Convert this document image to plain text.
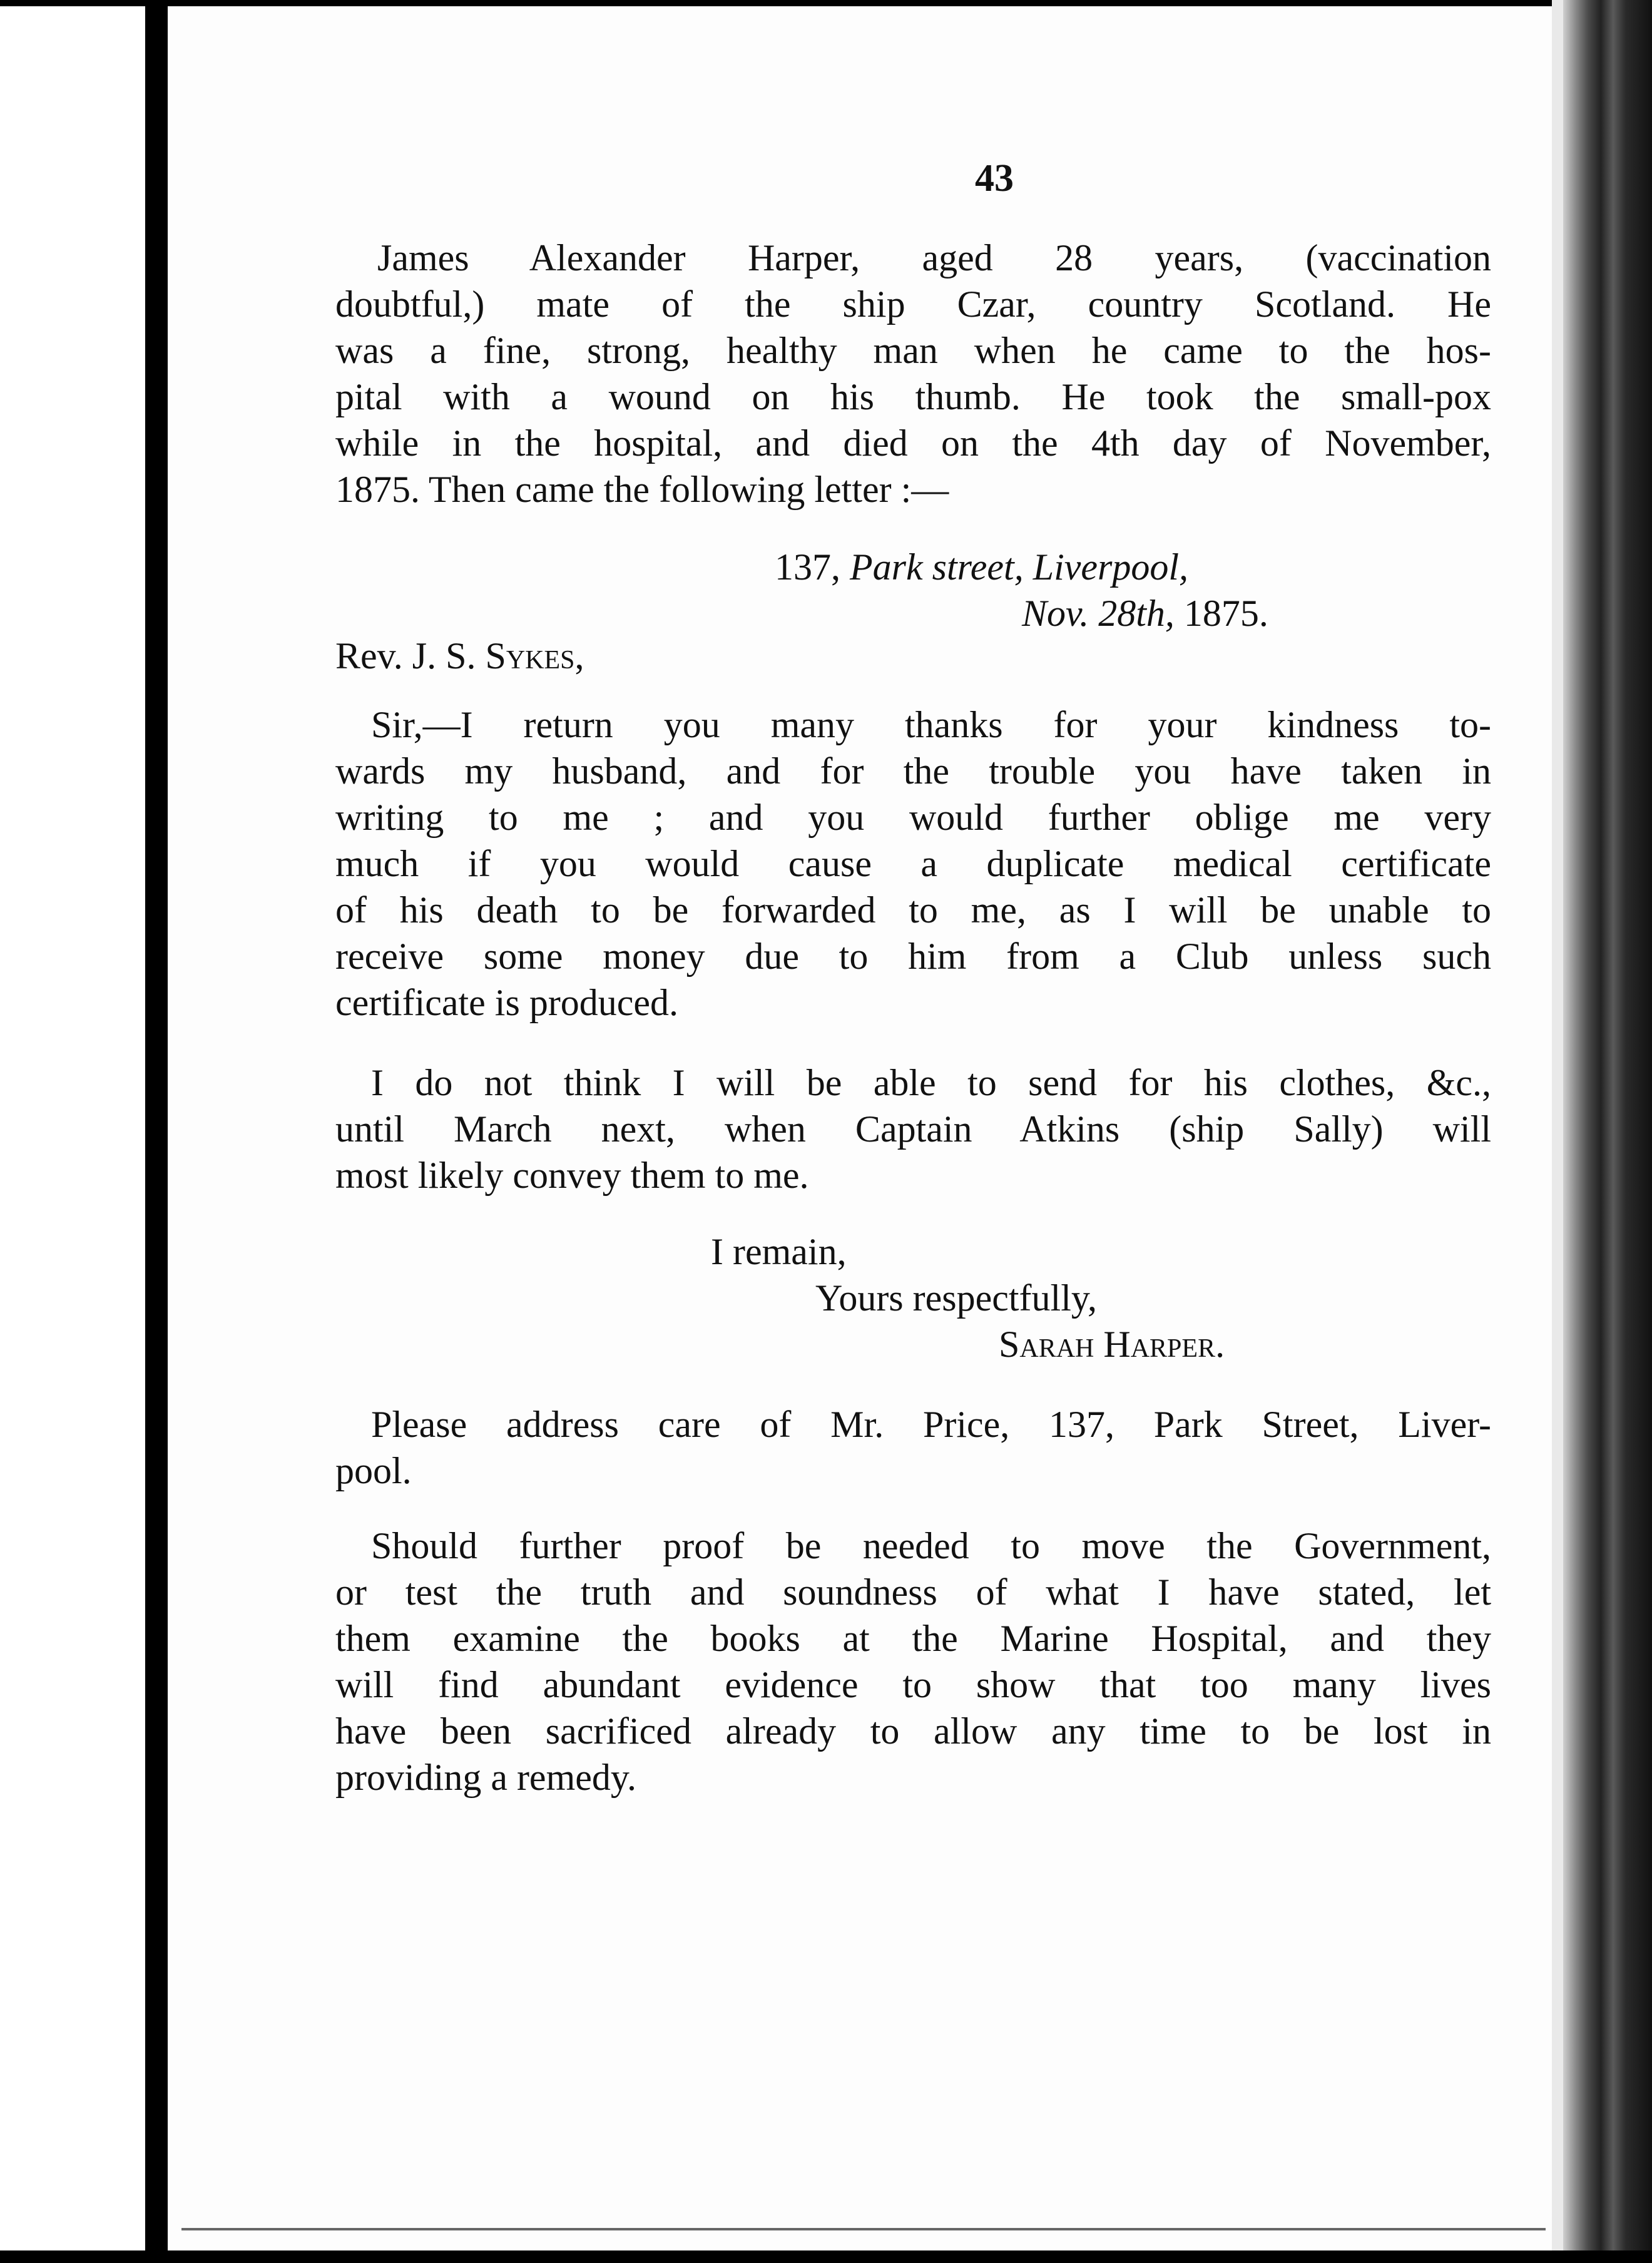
43
James Alexander Harper, aged 28 years, (vaccination
doubtful,) mate of the ship Czar, country Scotland. He
was a fine, strong, healthy man when he came to the hos-
pital with a wound on his thumb. He took the small-pox
while in the hospital, and died on the 4th day of November,
1875. Then came the following letter :—
137, Park street, Liverpool,
Nov. 28th, 1875.
Rev. J. S. Sykes,
Sir,—I return you many thanks for your kindness to-
wards my husband, and for the trouble you have taken in
writing to me ; and you would further oblige me very
much if you would cause a duplicate medical certificate
of his death to be forwarded to me, as I will be unable to
receive some money due to him from a Club unless such
certificate is produced.
I do not think I will be able to send for his clothes, &c.,
until March next, when Captain Atkins (ship Sally) will
most likely convey them to me.
I remain,
Yours respectfully,
Sarah Harper.
Please address care of Mr. Price, 137, Park Street, Liver-
pool.
Should further proof be needed to move the Government,
or test the truth and soundness of what I have stated, let
them examine the books at the Marine Hospital, and they
will find abundant evidence to show that too many lives
have been sacrificed already to allow any time to be lost in
providing a remedy.
